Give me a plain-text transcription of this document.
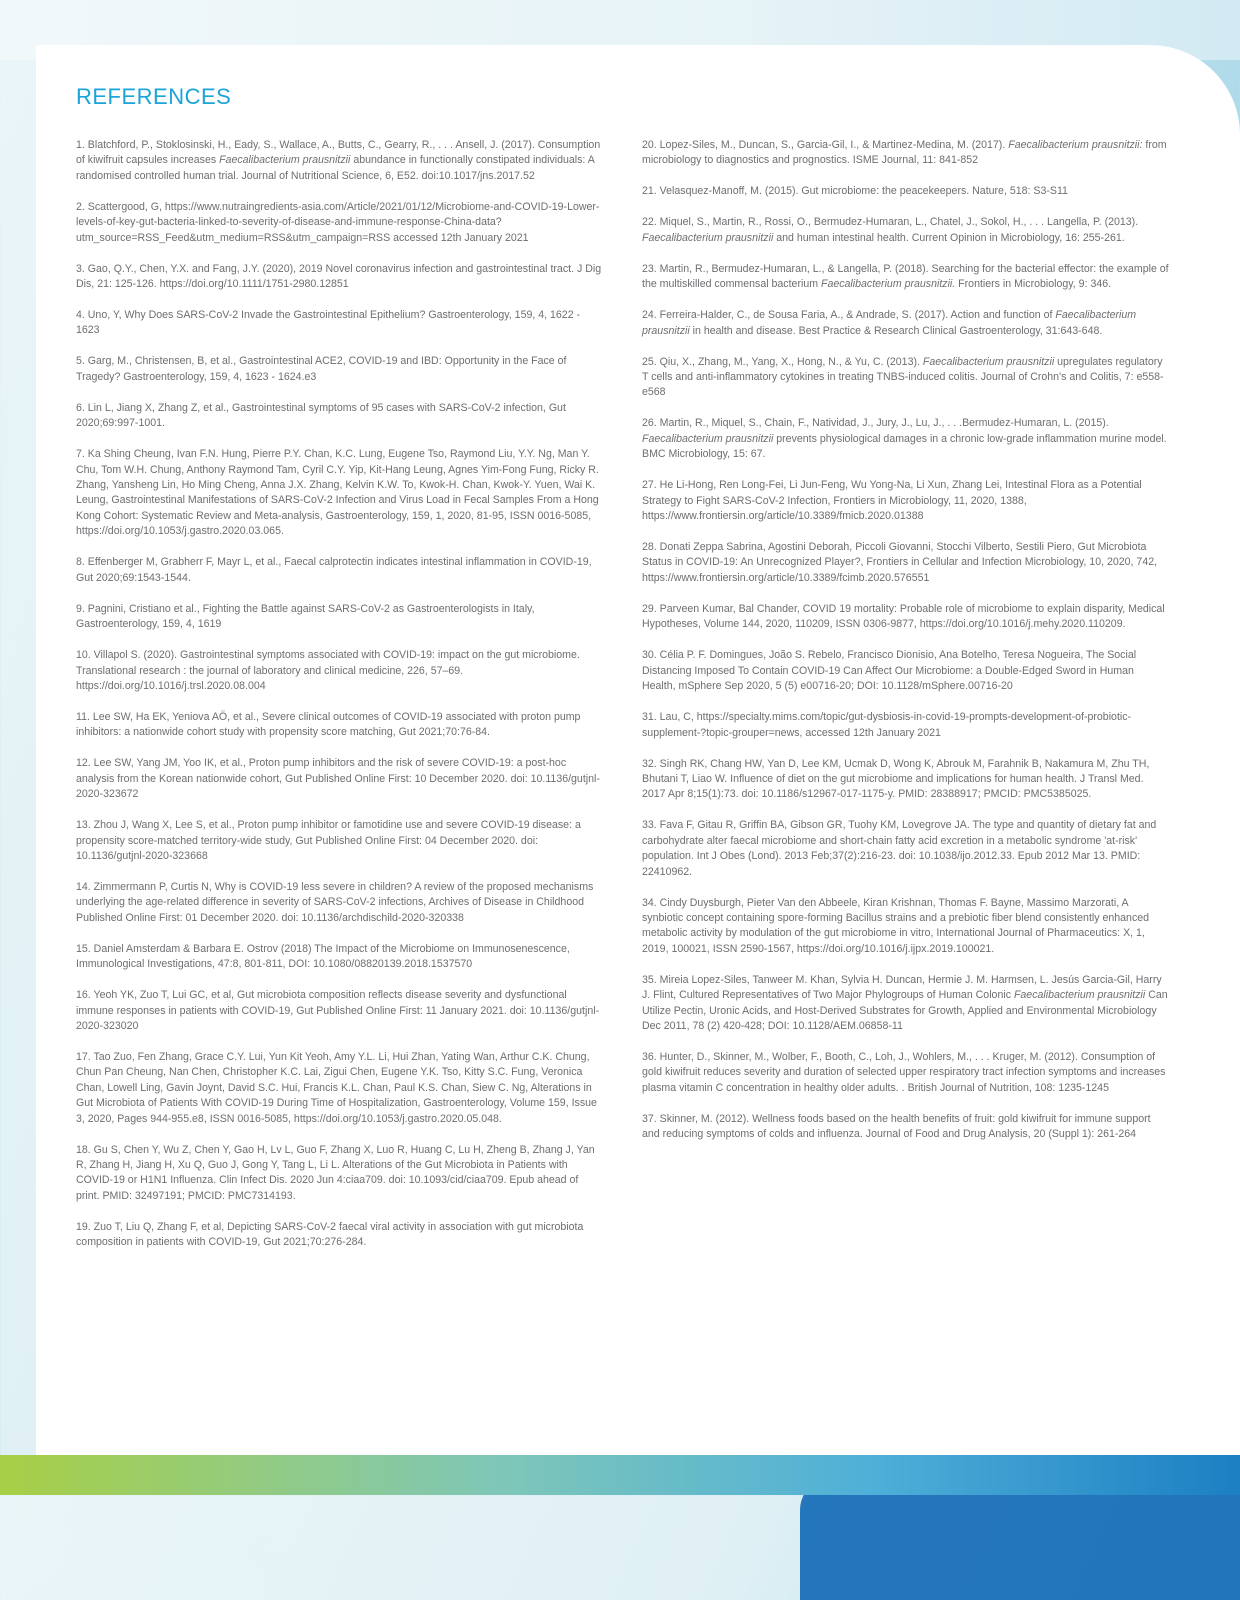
REFERENCES

1. Blatchford, P., Stoklosinski, H., Eady, S., Wallace, A., Butts, C., Gearry, R., . . . Ansell, J. (2017). Consumption of kiwifruit capsules increases Faecalibacterium prausnitzii abundance in functionally constipated individuals: A randomised controlled human trial. Journal of Nutritional Science, 6, E52. doi:10.1017/jns.2017.52

2. Scattergood, G, https://www.nutraingredients-asia.com/Article/2021/01/12/Microbiome-and-COVID-19-Lower-levels-of-key-gut-bacteria-linked-to-severity-of-disease-and-immune-response-China-data?utm_source=RSS_Feed&utm_medium=RSS&utm_campaign=RSS accessed 12th January 2021

3. Gao, Q.Y., Chen, Y.X. and Fang, J.Y. (2020), 2019 Novel coronavirus infection and gastrointestinal tract. J Dig Dis, 21: 125-126. https://doi.org/10.1111/1751-2980.12851

4. Uno, Y, Why Does SARS-CoV-2 Invade the Gastrointestinal Epithelium? Gastroenterology, 159, 4, 1622 - 1623

5. Garg, M., Christensen, B, et al., Gastrointestinal ACE2, COVID-19 and IBD: Opportunity in the Face of Tragedy? Gastroenterology, 159, 4, 1623 - 1624.e3

6. Lin L, Jiang X, Zhang Z, et al., Gastrointestinal symptoms of 95 cases with SARS-CoV-2 infection, Gut 2020;69:997-1001.

7. Ka Shing Cheung, Ivan F.N. Hung, Pierre P.Y. Chan, K.C. Lung, Eugene Tso, Raymond Liu, Y.Y. Ng, Man Y. Chu, Tom W.H. Chung, Anthony Raymond Tam, Cyril C.Y. Yip, Kit-Hang Leung, Agnes Yim-Fong Fung, Ricky R. Zhang, Yansheng Lin, Ho Ming Cheng, Anna J.X. Zhang, Kelvin K.W. To, Kwok-H. Chan, Kwok-Y. Yuen, Wai K. Leung, Gastrointestinal Manifestations of SARS-CoV-2 Infection and Virus Load in Fecal Samples From a Hong Kong Cohort: Systematic Review and Meta-analysis, Gastroenterology, 159, 1, 2020, 81-95, ISSN 0016-5085, https://doi.org/10.1053/j.gastro.2020.03.065.

8. Effenberger M, Grabherr F, Mayr L, et al., Faecal calprotectin indicates intestinal inflammation in COVID-19, Gut 2020;69:1543-1544.

9. Pagnini, Cristiano et al., Fighting the Battle against SARS-CoV-2 as Gastroenterologists in Italy, Gastroenterology, 159, 4, 1619

10. Villapol S. (2020). Gastrointestinal symptoms associated with COVID-19: impact on the gut microbiome. Translational research : the journal of laboratory and clinical medicine, 226, 57–69. https://doi.org/10.1016/j.trsl.2020.08.004

11. Lee SW, Ha EK, Yeniova AÖ, et al., Severe clinical outcomes of COVID-19 associated with proton pump inhibitors: a nationwide cohort study with propensity score matching, Gut 2021;70:76-84.

12. Lee SW, Yang JM, Yoo IK, et al., Proton pump inhibitors and the risk of severe COVID-19: a post-hoc analysis from the Korean nationwide cohort, Gut Published Online First: 10 December 2020. doi: 10.1136/gutjnl-2020-323672

13. Zhou J, Wang X, Lee S, et al., Proton pump inhibitor or famotidine use and severe COVID-19 disease: a propensity score-matched territory-wide study, Gut Published Online First: 04 December 2020. doi: 10.1136/gutjnl-2020-323668

14. Zimmermann P, Curtis N, Why is COVID-19 less severe in children? A review of the proposed mechanisms underlying the age-related difference in severity of SARS-CoV-2 infections, Archives of Disease in Childhood Published Online First: 01 December 2020. doi: 10.1136/archdischild-2020-320338

15. Daniel Amsterdam & Barbara E. Ostrov (2018) The Impact of the Microbiome on Immunosenescence, Immunological Investigations, 47:8, 801-811, DOI: 10.1080/08820139.2018.1537570

16. Yeoh YK, Zuo T, Lui GC, et al, Gut microbiota composition reflects disease severity and dysfunctional immune responses in patients with COVID-19, Gut Published Online First: 11 January 2021. doi: 10.1136/gutjnl-2020-323020

17. Tao Zuo, Fen Zhang, Grace C.Y. Lui, Yun Kit Yeoh, Amy Y.L. Li, Hui Zhan, Yating Wan, Arthur C.K. Chung, Chun Pan Cheung, Nan Chen, Christopher K.C. Lai, Zigui Chen, Eugene Y.K. Tso, Kitty S.C. Fung, Veronica Chan, Lowell Ling, Gavin Joynt, David S.C. Hui, Francis K.L. Chan, Paul K.S. Chan, Siew C. Ng, Alterations in Gut Microbiota of Patients With COVID-19 During Time of Hospitalization, Gastroenterology, Volume 159, Issue 3, 2020, Pages 944-955.e8, ISSN 0016-5085, https://doi.org/10.1053/j.gastro.2020.05.048.

18. Gu S, Chen Y, Wu Z, Chen Y, Gao H, Lv L, Guo F, Zhang X, Luo R, Huang C, Lu H, Zheng B, Zhang J, Yan R, Zhang H, Jiang H, Xu Q, Guo J, Gong Y, Tang L, Li L. Alterations of the Gut Microbiota in Patients with COVID-19 or H1N1 Influenza. Clin Infect Dis. 2020 Jun 4:ciaa709. doi: 10.1093/cid/ciaa709. Epub ahead of print. PMID: 32497191; PMCID: PMC7314193.

19. Zuo T, Liu Q, Zhang F, et al, Depicting SARS-CoV-2 faecal viral activity in association with gut microbiota composition in patients with COVID-19, Gut 2021;70:276-284.

20. Lopez-Siles, M., Duncan, S., Garcia-Gil, I., & Martinez-Medina, M. (2017). Faecalibacterium prausnitzii: from microbiology to diagnostics and prognostics. ISME Journal, 11: 841-852

21. Velasquez-Manoff, M. (2015). Gut microbiome: the peacekeepers. Nature, 518: S3-S11

22. Miquel, S., Martin, R., Rossi, O., Bermudez-Humaran, L., Chatel, J., Sokol, H., . . . Langella, P. (2013). Faecalibacterium prausnitzii and human intestinal health. Current Opinion in Microbiology, 16: 255-261.

23. Martin, R., Bermudez-Humaran, L., & Langella, P. (2018). Searching for the bacterial effector: the example of the multiskilled commensal bacterium Faecalibacterium prausnitzii. Frontiers in Microbiology, 9: 346.

24. Ferreira-Halder, C., de Sousa Faria, A., & Andrade, S. (2017). Action and function of Faecalibacterium prausnitzii in health and disease. Best Practice & Research Clinical Gastroenterology, 31:643-648.

25. Qiu, X., Zhang, M., Yang, X., Hong, N., & Yu, C. (2013). Faecalibacterium prausnitzii upregulates regulatory T cells and anti-inflammatory cytokines in treating TNBS-induced colitis. Journal of Crohn's and Colitis, 7: e558-e568

26. Martin, R., Miquel, S., Chain, F., Natividad, J., Jury, J., Lu, J., . . .Bermudez-Humaran, L. (2015). Faecalibacterium prausnitzii prevents physiological damages in a chronic low-grade inflammation murine model. BMC Microbiology, 15: 67.

27. He Li-Hong, Ren Long-Fei, Li Jun-Feng, Wu Yong-Na, Li Xun, Zhang Lei, Intestinal Flora as a Potential Strategy to Fight SARS-CoV-2 Infection, Frontiers in Microbiology, 11, 2020, 1388, https://www.frontiersin.org/article/10.3389/fmicb.2020.01388

28. Donati Zeppa Sabrina, Agostini Deborah, Piccoli Giovanni, Stocchi Vilberto, Sestili Piero, Gut Microbiota Status in COVID-19: An Unrecognized Player?, Frontiers in Cellular and Infection Microbiology, 10, 2020, 742, https://www.frontiersin.org/article/10.3389/fcimb.2020.576551

29. Parveen Kumar, Bal Chander, COVID 19 mortality: Probable role of microbiome to explain disparity, Medical Hypotheses, Volume 144, 2020, 110209, ISSN 0306-9877, https://doi.org/10.1016/j.mehy.2020.110209.

30. Célia P. F. Domingues, João S. Rebelo, Francisco Dionisio, Ana Botelho, Teresa Nogueira, The Social Distancing Imposed To Contain COVID-19 Can Affect Our Microbiome: a Double-Edged Sword in Human Health, mSphere Sep 2020, 5 (5) e00716-20; DOI: 10.1128/mSphere.00716-20

31. Lau, C, https://specialty.mims.com/topic/gut-dysbiosis-in-covid-19-prompts-development-of-probiotic-supplement-?topic-grouper=news, accessed 12th January 2021

32. Singh RK, Chang HW, Yan D, Lee KM, Ucmak D, Wong K, Abrouk M, Farahnik B, Nakamura M, Zhu TH, Bhutani T, Liao W. Influence of diet on the gut microbiome and implications for human health. J Transl Med. 2017 Apr 8;15(1):73. doi: 10.1186/s12967-017-1175-y. PMID: 28388917; PMCID: PMC5385025.

33. Fava F, Gitau R, Griffin BA, Gibson GR, Tuohy KM, Lovegrove JA. The type and quantity of dietary fat and carbohydrate alter faecal microbiome and short-chain fatty acid excretion in a metabolic syndrome 'at-risk' population. Int J Obes (Lond). 2013 Feb;37(2):216-23. doi: 10.1038/ijo.2012.33. Epub 2012 Mar 13. PMID: 22410962.

34. Cindy Duysburgh, Pieter Van den Abbeele, Kiran Krishnan, Thomas F. Bayne, Massimo Marzorati, A synbiotic concept containing spore-forming Bacillus strains and a prebiotic fiber blend consistently enhanced metabolic activity by modulation of the gut microbiome in vitro, International Journal of Pharmaceutics: X, 1, 2019, 100021, ISSN 2590-1567, https://doi.org/10.1016/j.ijpx.2019.100021.

35. Mireia Lopez-Siles, Tanweer M. Khan, Sylvia H. Duncan, Hermie J. M. Harmsen, L. Jesús Garcia-Gil, Harry J. Flint, Cultured Representatives of Two Major Phylogroups of Human Colonic Faecalibacterium prausnitzii Can Utilize Pectin, Uronic Acids, and Host-Derived Substrates for Growth, Applied and Environmental Microbiology Dec 2011, 78 (2) 420-428; DOI: 10.1128/AEM.06858-11

36. Hunter, D., Skinner, M., Wolber, F., Booth, C., Loh, J., Wohlers, M., . . . Kruger, M. (2012). Consumption of gold kiwifruit reduces severity and duration of selected upper respiratory tract infection symptoms and increases plasma vitamin C concentration in healthy older adults. . British Journal of Nutrition, 108: 1235-1245

37. Skinner, M. (2012). Wellness foods based on the health benefits of fruit: gold kiwifruit for immune support and reducing symptoms of colds and influenza. Journal of Food and Drug Analysis, 20 (Suppl 1): 261-264
